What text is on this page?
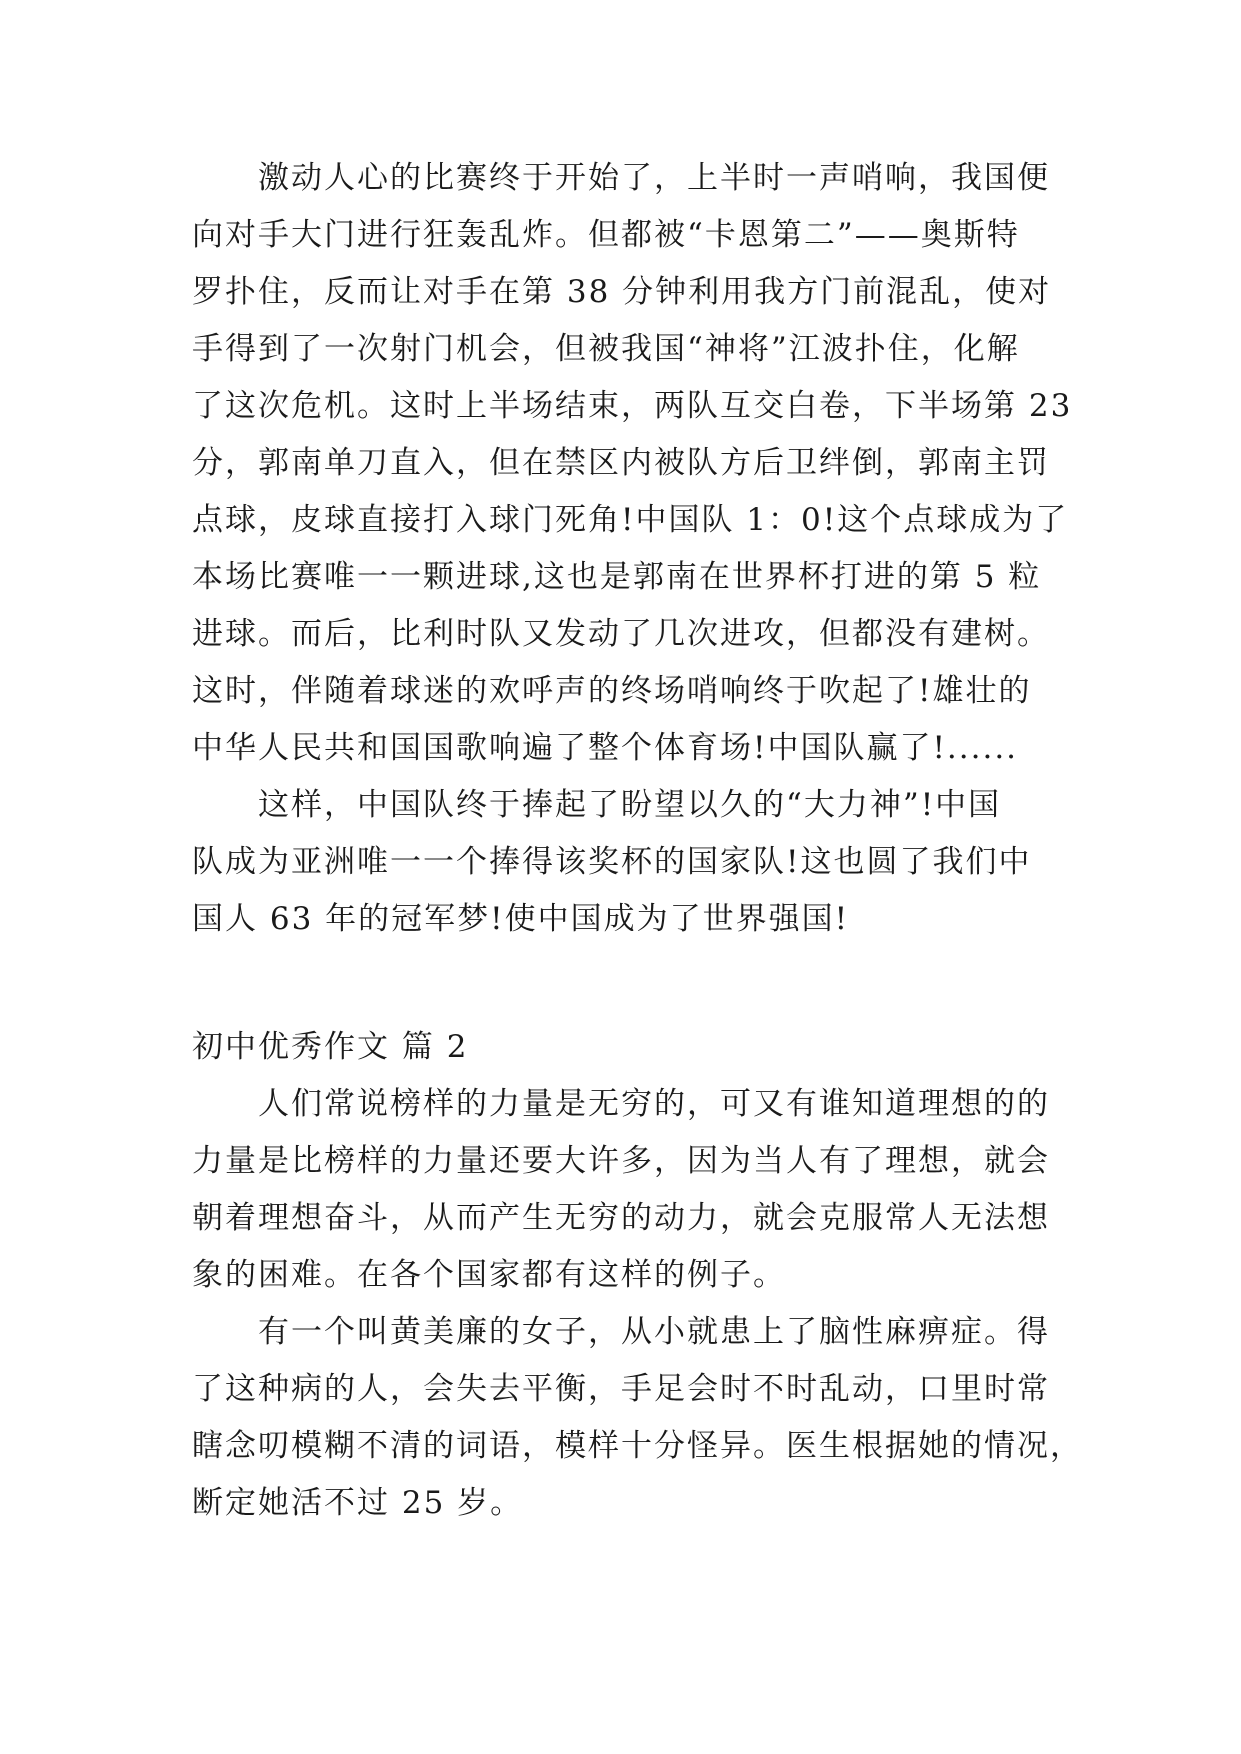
激动人心的比赛终于开始了，上半时一声哨响，我国便
向对手大门进行狂轰乱炸。但都被“卡恩第二”——奥斯特
罗扑住，反而让对手在第 38 分钟利用我方门前混乱，使对
手得到了一次射门机会，但被我国“神将”江波扑住，化解
了这次危机。这时上半场结束，两队互交白卷，下半场第 23
分，郭南单刀直入，但在禁区内被队方后卫绊倒，郭南主罚
点球，皮球直接打入球门死角!中国队 1：0!这个点球成为了
本场比赛唯一一颗进球,这也是郭南在世界杯打进的第 5 粒
进球。而后，比利时队又发动了几次进攻，但都没有建树。
这时，伴随着球迷的欢呼声的终场哨响终于吹起了!雄壮的
中华人民共和国国歌响遍了整个体育场!中国队赢了!......
这样，中国队终于捧起了盼望以久的“大力神”!中国
队成为亚洲唯一一个捧得该奖杯的国家队!这也圆了我们中
国人 63 年的冠军梦!使中国成为了世界强国!
初中优秀作文 篇 2
人们常说榜样的力量是无穷的，可又有谁知道理想的的
力量是比榜样的力量还要大许多，因为当人有了理想，就会
朝着理想奋斗，从而产生无穷的动力，就会克服常人无法想
象的困难。在各个国家都有这样的例子。
有一个叫黄美廉的女子，从小就患上了脑性麻痹症。得
了这种病的人，会失去平衡，手足会时不时乱动，口里时常
瞎念叨模糊不清的词语，模样十分怪异。医生根据她的情况，
断定她活不过 25 岁。
